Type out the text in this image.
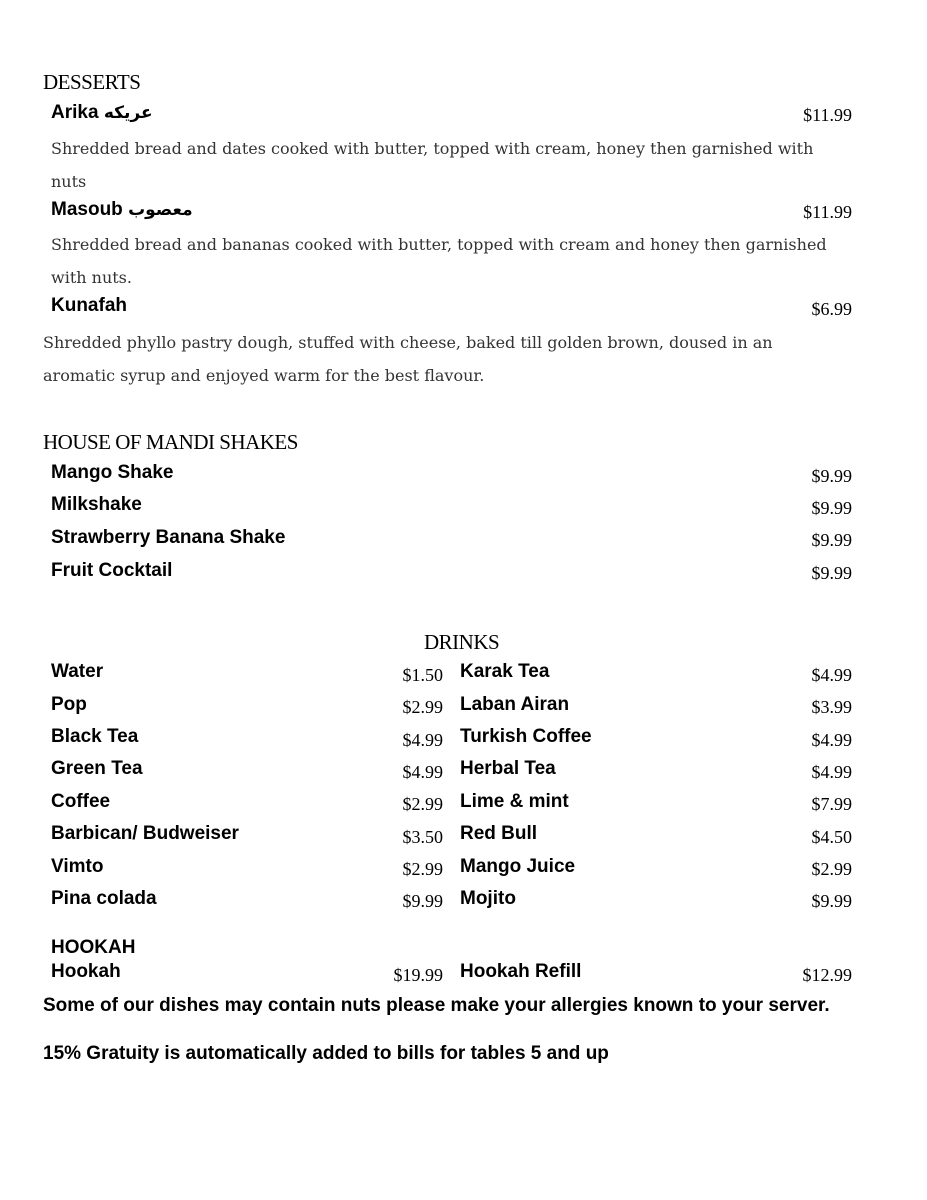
DESSERTS
Arika عريكه	$11.99
Shredded bread and dates cooked with butter, topped with cream, honey then garnished with nuts
Masoub معصوب	$11.99
Shredded bread and bananas cooked with butter, topped with cream and honey then garnished with nuts.
Kunafah	$6.99
Shredded phyllo pastry dough, stuffed with cheese, baked till golden brown, doused in an aromatic syrup and enjoyed warm for the best flavour.
HOUSE OF MANDI SHAKES
Mango Shake	$9.99
Milkshake	$9.99
Strawberry Banana Shake	$9.99
Fruit Cocktail	$9.99
DRINKS
Water	$1.50
Pop	$2.99
Black Tea	$4.99
Green Tea	$4.99
Coffee	$2.99
Barbican/ Budweiser	$3.50
Vimto	$2.99
Pina colada	$9.99
Karak Tea	$4.99
Laban Airan	$3.99
Turkish Coffee	$4.99
Herbal Tea	$4.99
Lime & mint	$7.99
Red Bull	$4.50
Mango Juice	$2.99
Mojito	$9.99
HOOKAH
Hookah	$19.99 Hookah Refill	$12.99
Some of our dishes may contain nuts please make your allergies known to your server.
15% Gratuity is automatically added to bills for tables 5 and up
